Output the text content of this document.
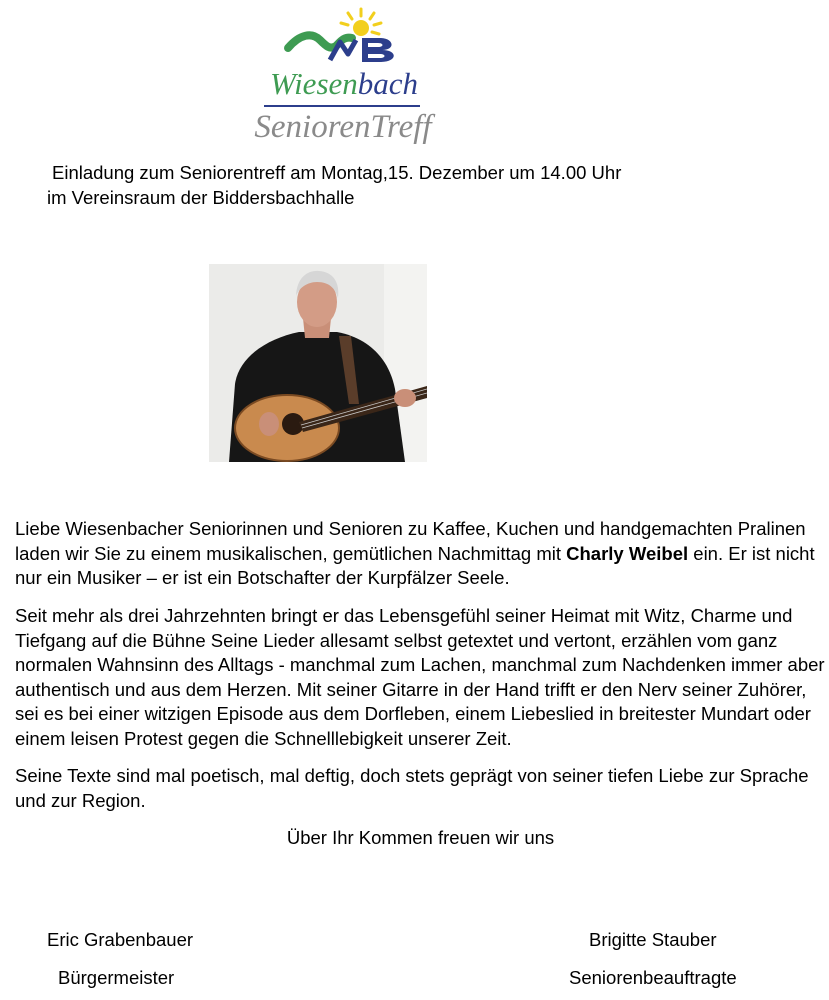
Wiesenbach
SeniorenTreff
Einladung zum Seniorentreff am Montag,15. Dezember um 14.00 Uhr
im Vereinsraum der Biddersbachhalle
Liebe Wiesenbacher Seniorinnen und Senioren zu Kaffee, Kuchen und handgemachten Pralinen laden wir Sie zu einem musikalischen, gemütlichen Nachmittag mit Charly Weibel ein. Er ist nicht nur ein Musiker – er ist ein Botschafter der Kurpfälzer Seele.
Seit mehr als drei Jahrzehnten bringt er das Lebensgefühl seiner Heimat mit Witz, Charme und Tiefgang auf die Bühne Seine Lieder allesamt selbst getextet und vertont, erzählen vom ganz normalen Wahnsinn des Alltags - manchmal zum Lachen, manchmal zum Nachdenken immer aber authentisch und aus dem Herzen. Mit seiner Gitarre in der Hand trifft er den Nerv seiner Zuhörer, sei es bei einer witzigen Episode aus dem Dorfleben, einem Liebeslied in breitester Mundart oder einem leisen Protest gegen die Schnelllebigkeit unserer Zeit.
Seine Texte sind mal poetisch, mal deftig, doch stets geprägt von seiner tiefen Liebe zur Sprache und zur Region.
Über Ihr Kommen freuen wir uns
Eric Grabenbauer
Bürgermeister
Brigitte Stauber
Seniorenbeauftragte
